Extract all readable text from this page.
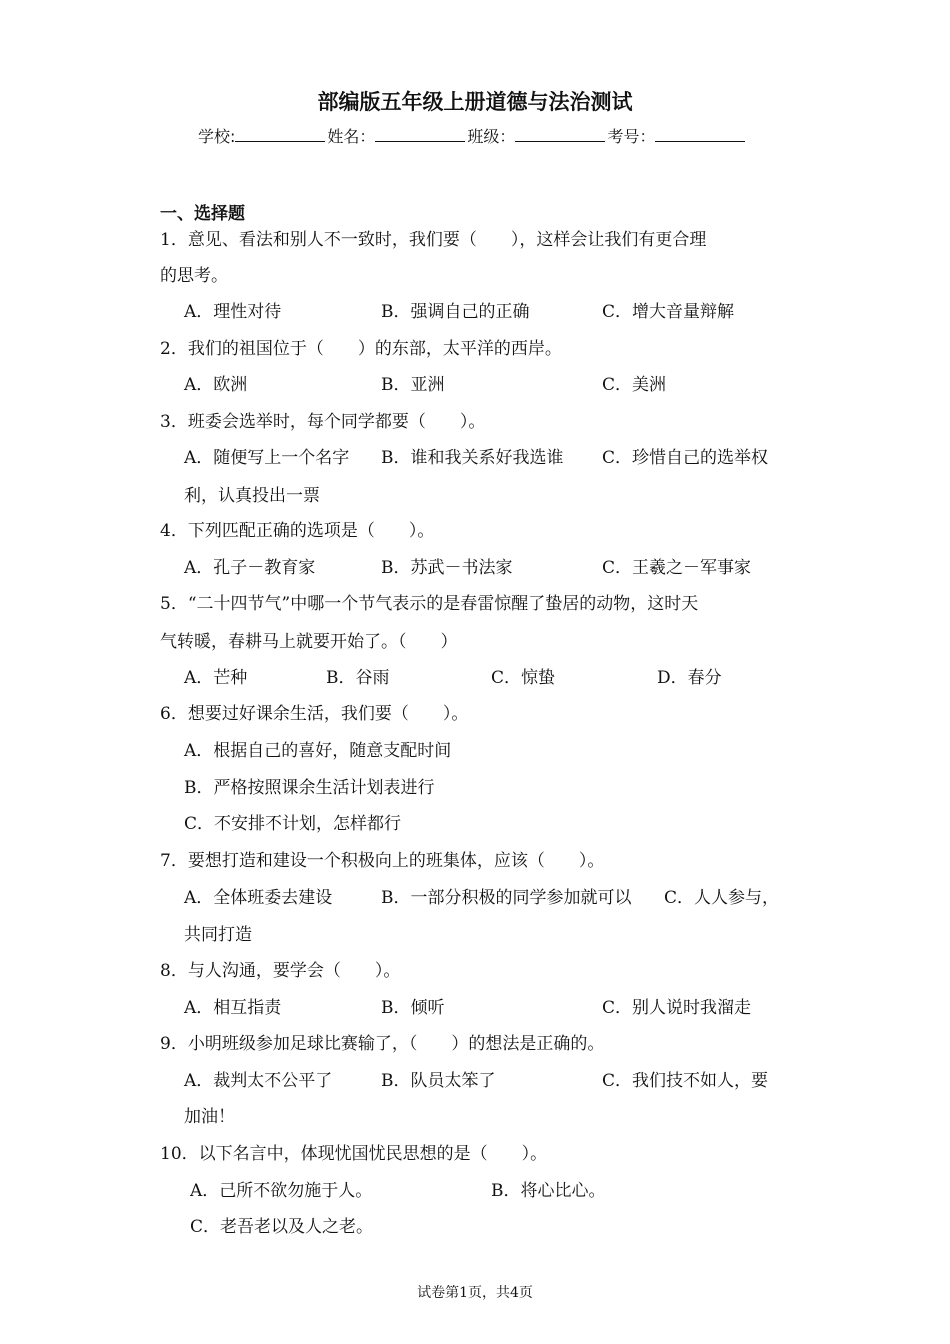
部编版五年级上册道德与法治测试
学校:	姓名：	班级：	考号：
一、选择题
1．意见、看法和别人不一致时，我们要（　　），这样会让我们有更合理
的思考。
A．理性对待	B．强调自己的正确	C．增大音量辩解
2．我们的祖国位于（　　）的东部，太平洋的西岸。
A．欧洲	B．亚洲	C．美洲
3．班委会选举时，每个同学都要（　　）。
A．随便写上一个名字 B．谁和我关系好我选谁 C．珍惜自己的选举权
利，认真投出一票
4．下列匹配正确的选项是（　　）。
A．孔子－教育家	B．苏武－书法家	C．王羲之－军事家
5．“二十四节气”中哪一个节气表示的是春雷惊醒了蛰居的动物，这时天
气转暖，春耕马上就要开始了。（　　）
A．芒种	B．谷雨	C．惊蛰	D．春分
6．想要过好课余生活，我们要（　　）。
A．根据自己的喜好，随意支配时间
B．严格按照课余生活计划表进行
C．不安排不计划，怎样都行
7．要想打造和建设一个积极向上的班集体，应该（　　）。
A．全体班委去建设	B．一部分积极的同学参加就可以 C．人人参与，
共同打造
8．与人沟通，要学会（　　）。
A．相互指责	B．倾听	C．别人说时我溜走
9．小明班级参加足球比赛输了，（　　）的想法是正确的。
A．裁判太不公平了	B．队员太笨了	C．我们技不如人，要
加油！
10．以下名言中，体现忧国忧民思想的是（　　）。
A．己所不欲勿施于人。	B．将心比心。
C．老吾老以及人之老。
试卷第1页，共4页
